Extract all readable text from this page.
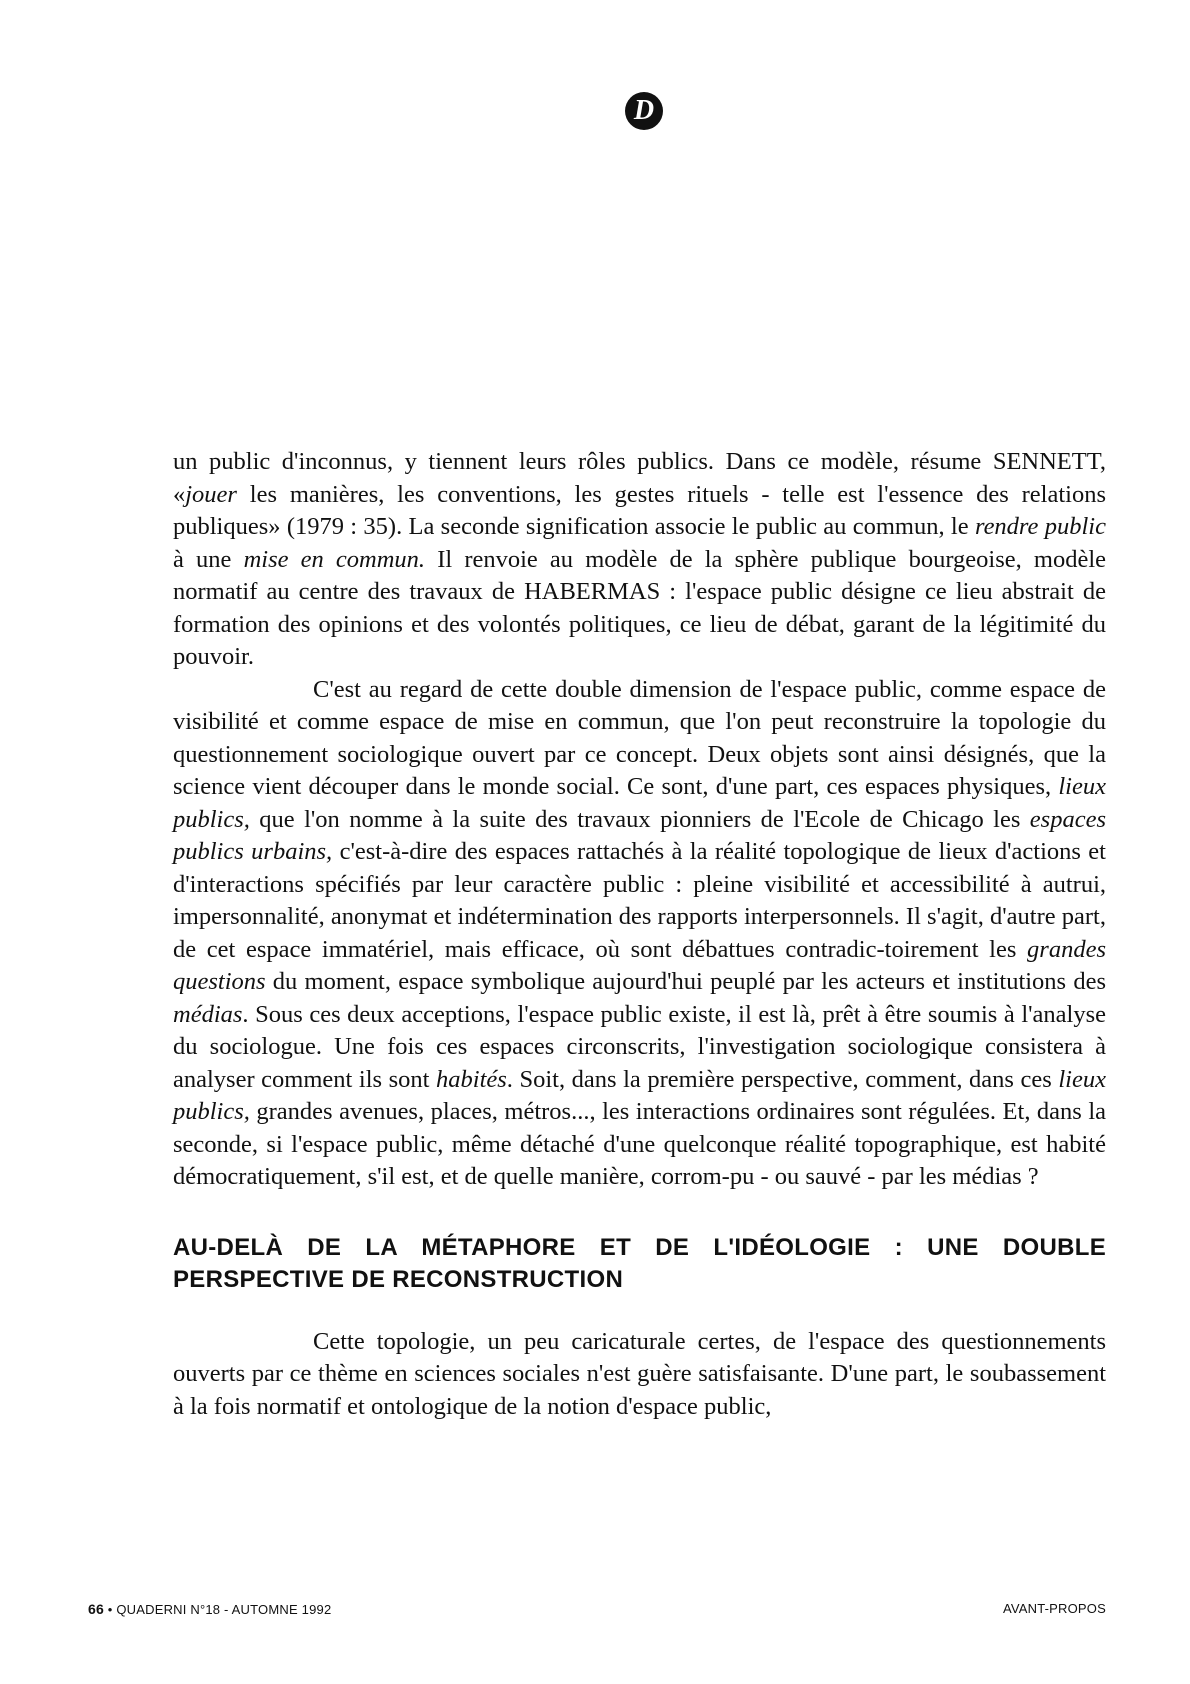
D

un public d'inconnus, y tiennent leurs rôles publics. Dans ce modèle, résume SENNETT, «jouer les manières, les conventions, les gestes rituels - telle est l'essence des relations publiques» (1979 : 35). La seconde signification associe le public au commun, le rendre public à une mise en commun. Il renvoie au modèle de la sphère publique bourgeoise, modèle normatif au centre des travaux de HABERMAS : l'espace public désigne ce lieu abstrait de formation des opinions et des volontés politiques, ce lieu de débat, garant de la légitimité du pouvoir.

C'est au regard de cette double dimension de l'espace public, comme espace de visibilité et comme espace de mise en commun, que l'on peut reconstruire la topologie du questionnement sociologique ouvert par ce concept. Deux objets sont ainsi désignés, que la science vient découper dans le monde social. Ce sont, d'une part, ces espaces physiques, lieux publics, que l'on nomme à la suite des travaux pionniers de l'Ecole de Chicago les espaces publics urbains, c'est-à-dire des espaces rattachés à la réalité topologique de lieux d'actions et d'interactions spécifiés par leur caractère public : pleine visibilité et accessibilité à autrui, impersonnalité, anonymat et indétermination des rapports interpersonnels. Il s'agit, d'autre part, de cet espace immatériel, mais efficace, où sont débattues contradic-toirement les grandes questions du moment, espace symbolique aujourd'hui peuplé par les acteurs et institutions des médias. Sous ces deux acceptions, l'espace public existe, il est là, prêt à être soumis à l'analyse du sociologue. Une fois ces espaces circonscrits, l'investigation sociologique consistera à analyser comment ils sont habités. Soit, dans la première perspective, comment, dans ces lieux publics, grandes avenues, places, métros..., les interactions ordinaires sont régulées. Et, dans la seconde, si l'espace public, même détaché d'une quelconque réalité topographique, est habité démocratiquement, s'il est, et de quelle manière, corrom-pu - ou sauvé - par les médias ?

AU-DELÀ DE LA MÉTAPHORE ET DE L'IDÉOLOGIE : UNE DOUBLE PERSPECTIVE DE RECONSTRUCTION

Cette topologie, un peu caricaturale certes, de l'espace des questionnements ouverts par ce thème en sciences sociales n'est guère satisfaisante. D'une part, le soubassement à la fois normatif et ontologique de la notion d'espace public,

66 • QUADERNI N°18 - AUTOMNE 1992	AVANT-PROPOS
